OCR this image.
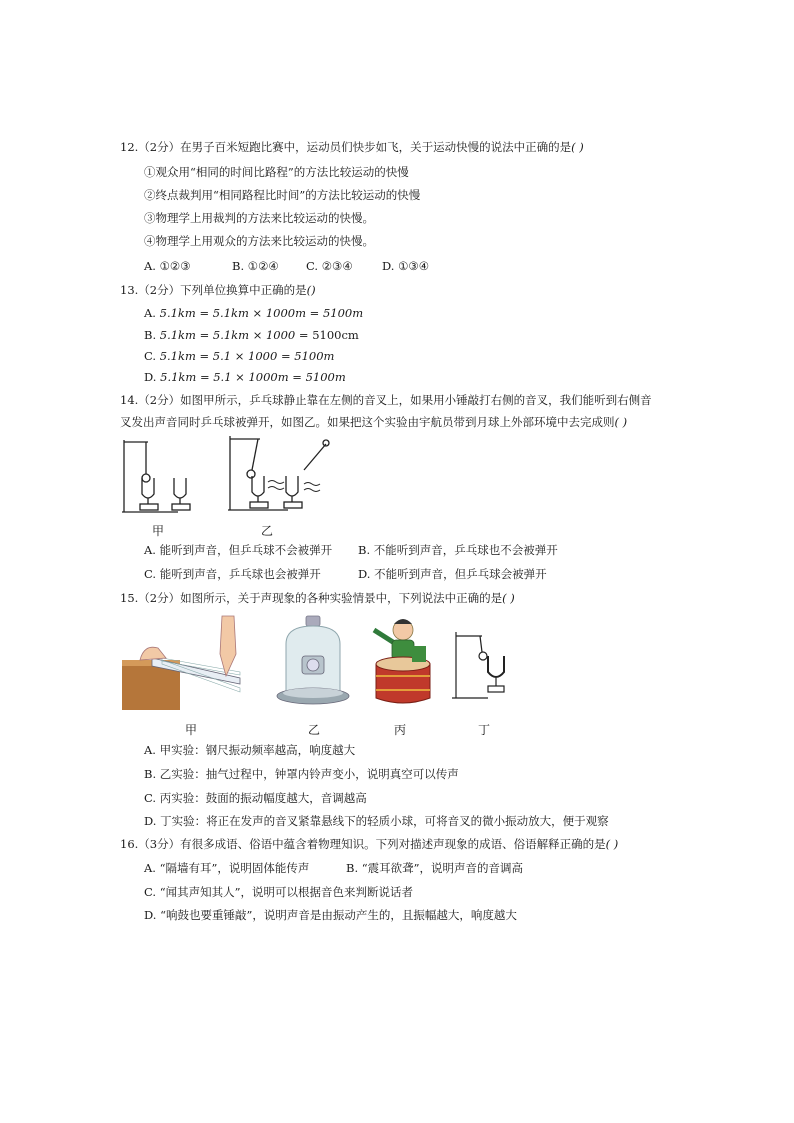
12.（2分）在男子百米短跑比赛中，运动员们快步如飞，关于运动快慢的说法中正确的是( )
①观众用“相同的时间比路程”的方法比较运动的快慢
②终点裁判用“相同路程比时间”的方法比较运动的快慢
③物理学上用裁判的方法来比较运动的快慢。
④物理学上用观众的方法来比较运动的快慢。
A. ①②③	B. ①②④ C. ②③④	D. ①③④
13.（2分）下列单位换算中正确的是()
A. 5.1km = 5.1km × 1000m = 5100m
B. 5.1km = 5.1km × 1000 = 5100cm
C. 5.1km = 5.1 × 1000 = 5100m
D. 5.1km = 5.1 × 1000m = 5100m
14.（2分）如图甲所示，乒乓球静止靠在左侧的音叉上，如果用小锤敲打右侧的音叉，我们能听到右侧音
叉发出声音同时乒乓球被弹开，如图乙。如果把这个实验由宇航员带到月球上外部环境中去完成则( )
甲	乙
A. 能听到声音，但乒乓球不会被弹开 B. 不能听到声音，乒乓球也不会被弹开
C. 能听到声音，乒乓球也会被弹开	D. 不能听到声音，但乒乓球会被弹开
15.（2分）如图所示，关于声现象的各种实验情景中，下列说法中正确的是( )
甲	乙	丙	丁
A. 甲实验：钢尺振动频率越高，响度越大
B. 乙实验：抽气过程中，钟罩内铃声变小，说明真空可以传声
C. 丙实验：鼓面的振动幅度越大，音调越高
D. 丁实验：将正在发声的音叉紧靠悬线下的轻质小球，可将音叉的微小振动放大，便于观察
16.（3分）有很多成语、俗语中蕴含着物理知识。下列对描述声现象的成语、俗语解释正确的是( )
A. “隔墙有耳”，说明固体能传声	B. “震耳欲聋”，说明声音的音调高
C. “闻其声知其人”，说明可以根据音色来判断说话者
D. “响鼓也要重锤敲”，说明声音是由振动产生的，且振幅越大，响度越大
